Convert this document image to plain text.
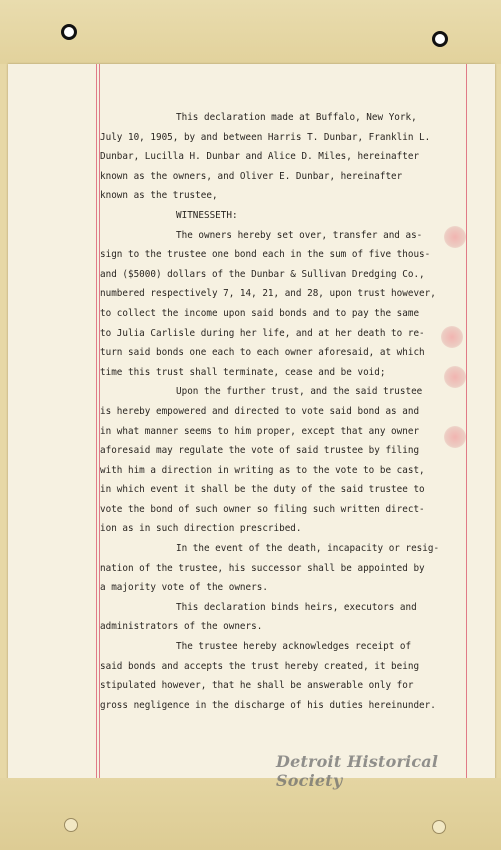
This declaration made at Buffalo, New York,
July 10, 1905, by and between Harris T. Dunbar, Franklin L.
Dunbar, Lucilla H. Dunbar and Alice D. Miles, hereinafter
known as the owners, and Oliver E. Dunbar, hereinafter
known as the trustee,
WITNESSETH:
The owners hereby set over, transfer and as-
sign to the trustee one bond each in the sum of five thous-
and ($5000) dollars of the Dunbar & Sullivan Dredging Co.,
numbered respectively 7, 14, 21, and 28, upon trust however,
to collect the income upon said bonds and to pay the same
to Julia Carlisle during her life, and at her death to re-
turn said bonds one each to each owner aforesaid, at which
time this trust shall terminate, cease and be void;
Upon the further trust, and the said trustee
is hereby empowered and directed to vote said bond as and
in what manner seems to him proper, except that any owner
aforesaid may regulate the vote of said trustee by filing
with him a direction in writing as to the vote to be cast,
in which event it shall be the duty of the said trustee to
vote the bond of such owner so filing such written direct-
ion as in such direction prescribed.
In the event of the death, incapacity or resig-
nation of the trustee, his successor shall be appointed by
a majority vote of the owners.
This declaration binds heirs, executors and
administrators of the owners.
The trustee hereby acknowledges receipt of
said bonds and accepts the trust hereby created, it being
stipulated however, that he shall be answerable only for
gross negligence in the discharge of his duties hereinunder.
Detroit Historical Society
